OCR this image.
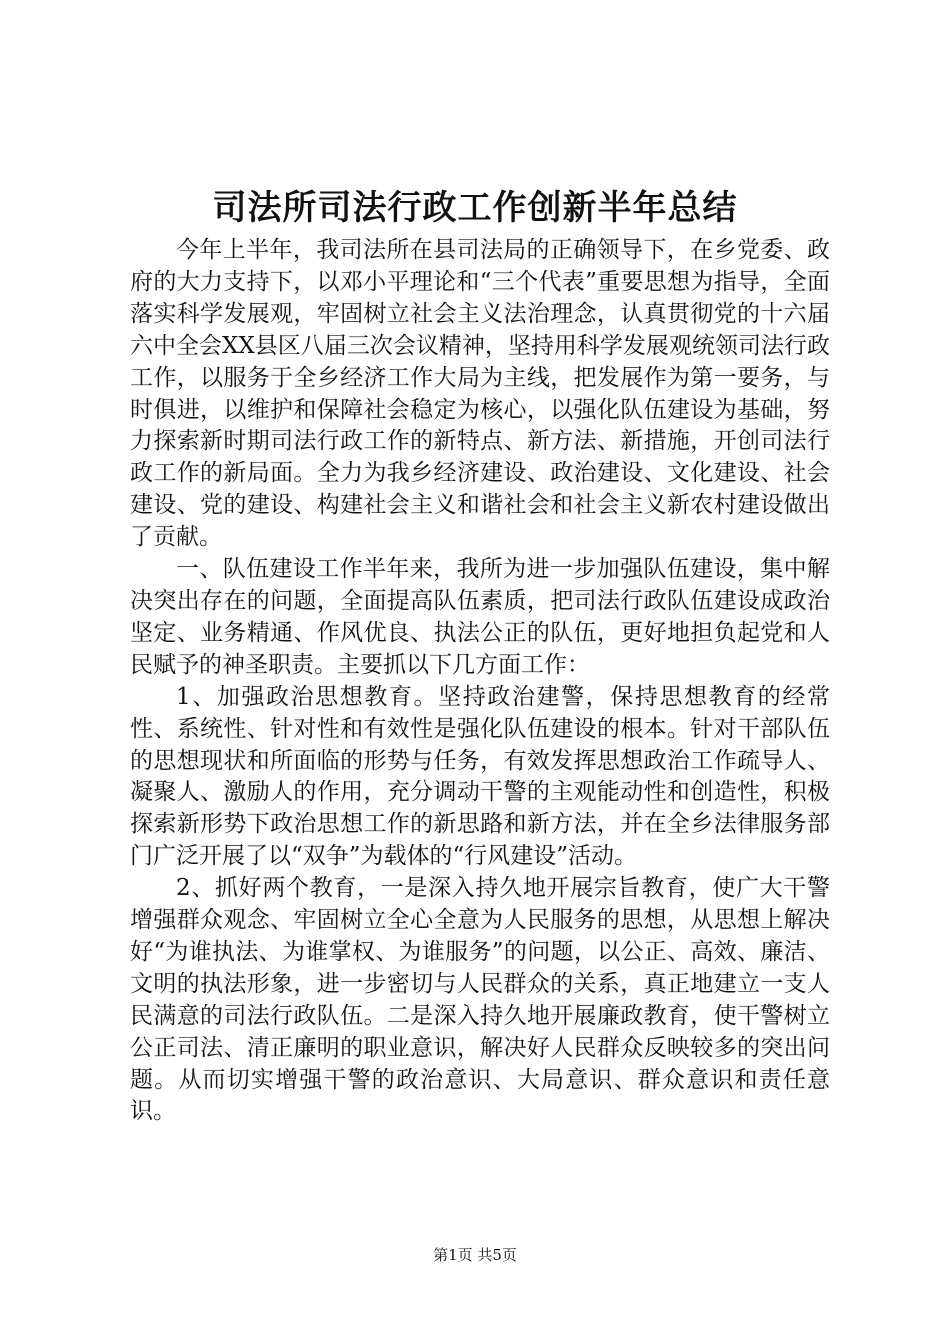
司法所司法行政工作创新半年总结

今年上半年，我司法所在县司法局的正确领导下，在乡党委、政府的大力支持下，以邓小平理论和“三个代表”重要思想为指导，全面落实科学发展观，牢固树立社会主义法治理念，认真贯彻党的十六届六中全会XX县区八届三次会议精神，坚持用科学发展观统领司法行政工作，以服务于全乡经济工作大局为主线，把发展作为第一要务，与时俱进，以维护和保障社会稳定为核心，以强化队伍建设为基础，努力探索新时期司法行政工作的新特点、新方法、新措施，开创司法行政工作的新局面。全力为我乡经济建设、政治建设、文化建设、社会建设、党的建设、构建社会主义和谐社会和社会主义新农村建设做出了贡献。

一、队伍建设工作半年来，我所为进一步加强队伍建设，集中解决突出存在的问题，全面提高队伍素质，把司法行政队伍建设成政治坚定、业务精通、作风优良、执法公正的队伍，更好地担负起党和人民赋予的神圣职责。主要抓以下几方面工作：

1、加强政治思想教育。坚持政治建警，保持思想教育的经常性、系统性、针对性和有效性是强化队伍建设的根本。针对干部队伍的思想现状和所面临的形势与任务，有效发挥思想政治工作疏导人、凝聚人、激励人的作用，充分调动干警的主观能动性和创造性，积极探索新形势下政治思想工作的新思路和新方法，并在全乡法律服务部门广泛开展了以“双争”为载体的“行风建设”活动。

2、抓好两个教育，一是深入持久地开展宗旨教育，使广大干警增强群众观念、牢固树立全心全意为人民服务的思想，从思想上解决好“为谁执法、为谁掌权、为谁服务”的问题，以公正、高效、廉洁、文明的执法形象，进一步密切与人民群众的关系，真正地建立一支人民满意的司法行政队伍。二是深入持久地开展廉政教育，使干警树立公正司法、清正廉明的职业意识，解决好人民群众反映较多的突出问题。从而切实增强干警的政治意识、大局意识、群众意识和责任意识。

第1页 共5页
